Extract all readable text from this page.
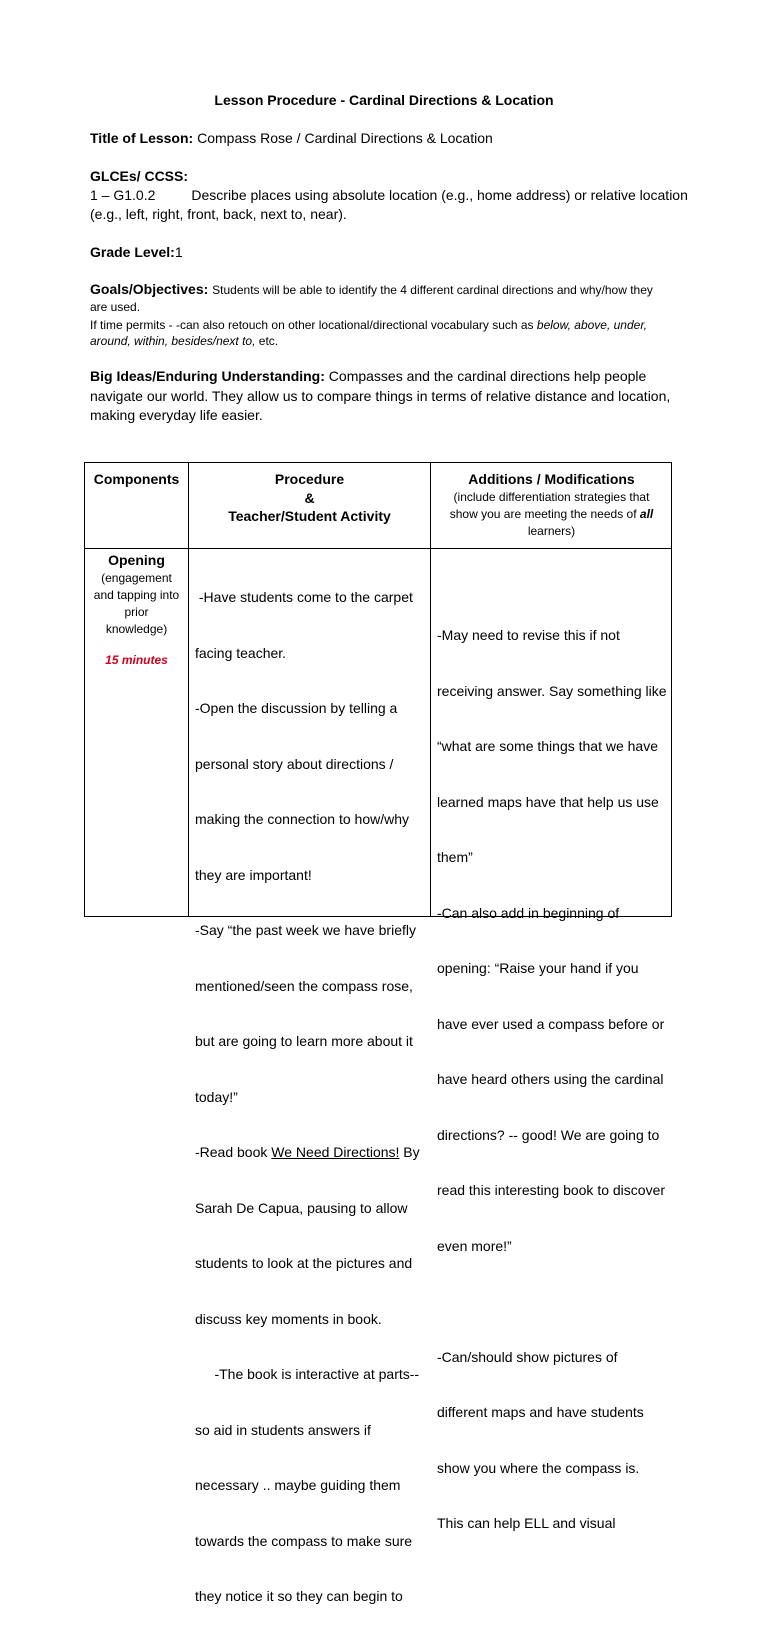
Lesson Procedure - Cardinal Directions & Location
Title of Lesson: Compass Rose / Cardinal Directions & Location
GLCEs/ CCSS:
1 – G1.0.2	Describe places using absolute location (e.g., home address) or relative location
(e.g., left, right, front, back, next to, near).
Grade Level:1
Goals/Objectives: Students will be able to identify the 4 different cardinal directions and why/how they
are used.
If time permits - -can also retouch on other locational/directional vocabulary such as below, above, under,
around, within, besides/next to, etc.
Big Ideas/Enduring Understanding: Compasses and the cardinal directions help people
navigate our world. They allow us to compare things in terms of relative distance and location,
making everyday life easier.
Components	Procedure
&
Teacher/Student Activity
Additions / Modifications
(include differentiation strategies that
show you are meeting the needs of all
learners)
Opening
(engagement
and tapping into
prior
knowledge)
15 minutes

-Have students come to the carpet

facing teacher.

-Open the discussion by telling a

personal story about directions /

making the connection to how/why

they are important!

-Say “the past week we have briefly

mentioned/seen the compass rose,

but are going to learn more about it

today!”

-Read book We Need Directions! By

Sarah De Capua, pausing to allow

students to look at the pictures and

discuss key moments in book.

-The book is interactive at parts--

so aid in students answers if

necessary .. maybe guiding them

towards the compass to make sure

they notice it so they can begin to

-May need to revise this if not

receiving answer. Say something like

“what are some things that we have

learned maps have that help us use

them”

-Can also add in beginning of

opening: “Raise your hand if you

have ever used a compass before or

have heard others using the cardinal

directions? -- good! We are going to

read this interesting book to discover

even more!”

-Can/should show pictures of

different maps and have students

show you where the compass is.

This can help ELL and visual
